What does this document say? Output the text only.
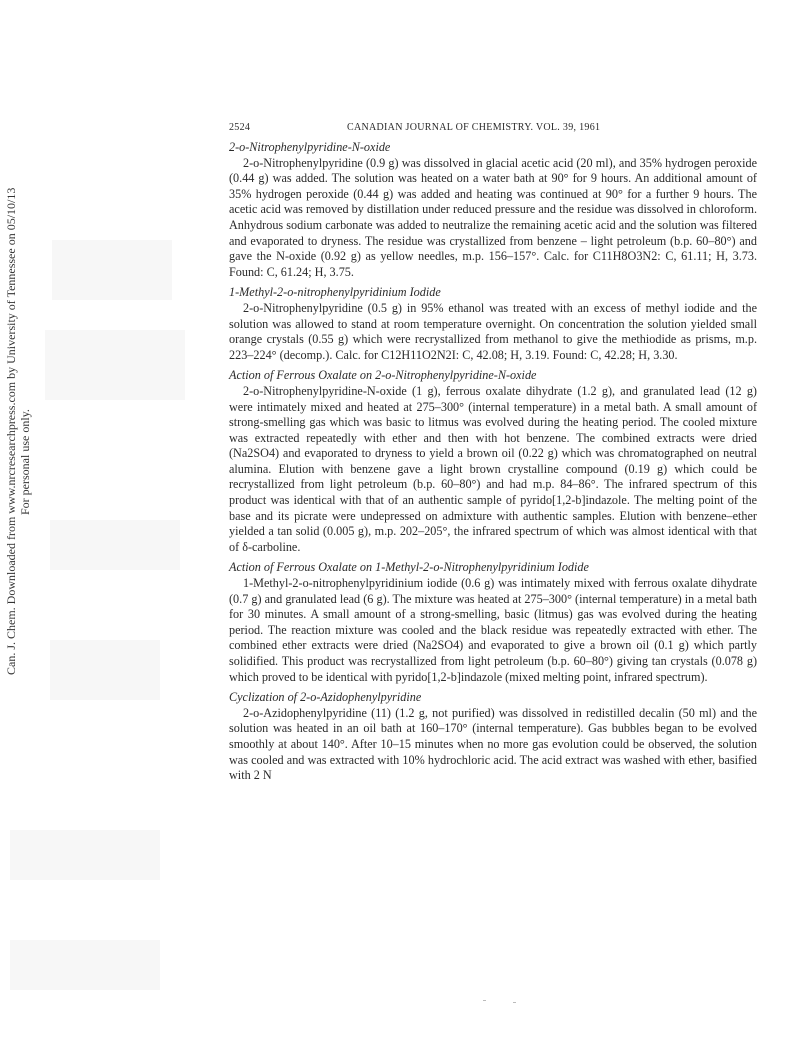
Can. J. Chem. Downloaded from www.nrcresearchpress.com by University of Tennessee on 05/10/13 For personal use only.
2524	CANADIAN JOURNAL OF CHEMISTRY. VOL. 39, 1961

2-o-Nitrophenylpyridine-N-oxide

2-o-Nitrophenylpyridine (0.9 g) was dissolved in glacial acetic acid (20 ml), and 35% hydrogen peroxide (0.44 g) was added. The solution was heated on a water bath at 90° for 9 hours. An additional amount of 35% hydrogen peroxide (0.44 g) was added and heating was continued at 90° for a further 9 hours. The acetic acid was removed by distillation under reduced pressure and the residue was dissolved in chloroform. Anhydrous sodium carbonate was added to neutralize the remaining acetic acid and the solution was filtered and evaporated to dryness. The residue was crystallized from benzene – light petroleum (b.p. 60–80°) and gave the N-oxide (0.92 g) as yellow needles, m.p. 156–157°. Calc. for C11H8O3N2: C, 61.11; H, 3.73. Found: C, 61.24; H, 3.75.

1-Methyl-2-o-nitrophenylpyridinium Iodide

2-o-Nitrophenylpyridine (0.5 g) in 95% ethanol was treated with an excess of methyl iodide and the solution was allowed to stand at room temperature overnight. On concentration the solution yielded small orange crystals (0.55 g) which were recrystallized from methanol to give the methiodide as prisms, m.p. 223–224° (decomp.). Calc. for C12H11O2N2I: C, 42.08; H, 3.19. Found: C, 42.28; H, 3.30.

Action of Ferrous Oxalate on 2-o-Nitrophenylpyridine-N-oxide

2-o-Nitrophenylpyridine-N-oxide (1 g), ferrous oxalate dihydrate (1.2 g), and granulated lead (12 g) were intimately mixed and heated at 275–300° (internal temperature) in a metal bath. A small amount of strong-smelling gas which was basic to litmus was evolved during the heating period. The cooled mixture was extracted repeatedly with ether and then with hot benzene. The combined extracts were dried (Na2SO4) and evaporated to dryness to yield a brown oil (0.22 g) which was chromatographed on neutral alumina. Elution with benzene gave a light brown crystalline compound (0.19 g) which could be recrystallized from light petroleum (b.p. 60–80°) and had m.p. 84–86°. The infrared spectrum of this product was identical with that of an authentic sample of pyrido[1,2-b]indazole. The melting point of the base and its picrate were undepressed on admixture with authentic samples. Elution with benzene–ether yielded a tan solid (0.005 g), m.p. 202–205°, the infrared spectrum of which was almost identical with that of δ-carboline.

Action of Ferrous Oxalate on 1-Methyl-2-o-Nitrophenylpyridinium Iodide

1-Methyl-2-o-nitrophenylpyridinium iodide (0.6 g) was intimately mixed with ferrous oxalate dihydrate (0.7 g) and granulated lead (6 g). The mixture was heated at 275–300° (internal temperature) in a metal bath for 30 minutes. A small amount of a strong-smelling, basic (litmus) gas was evolved during the heating period. The reaction mixture was cooled and the black residue was repeatedly extracted with ether. The combined ether extracts were dried (Na2SO4) and evaporated to give a brown oil (0.1 g) which partly solidified. This product was recrystallized from light petroleum (b.p. 60–80°) giving tan crystals (0.078 g) which proved to be identical with pyrido[1,2-b]indazole (mixed melting point, infrared spectrum).

Cyclization of 2-o-Azidophenylpyridine

2-o-Azidophenylpyridine (11) (1.2 g, not purified) was dissolved in redistilled decalin (50 ml) and the solution was heated in an oil bath at 160–170° (internal temperature). Gas bubbles began to be evolved smoothly at about 140°. After 10–15 minutes when no more gas evolution could be observed, the solution was cooled and was extracted with 10% hydrochloric acid. The acid extract was washed with ether, basified with 2 N
